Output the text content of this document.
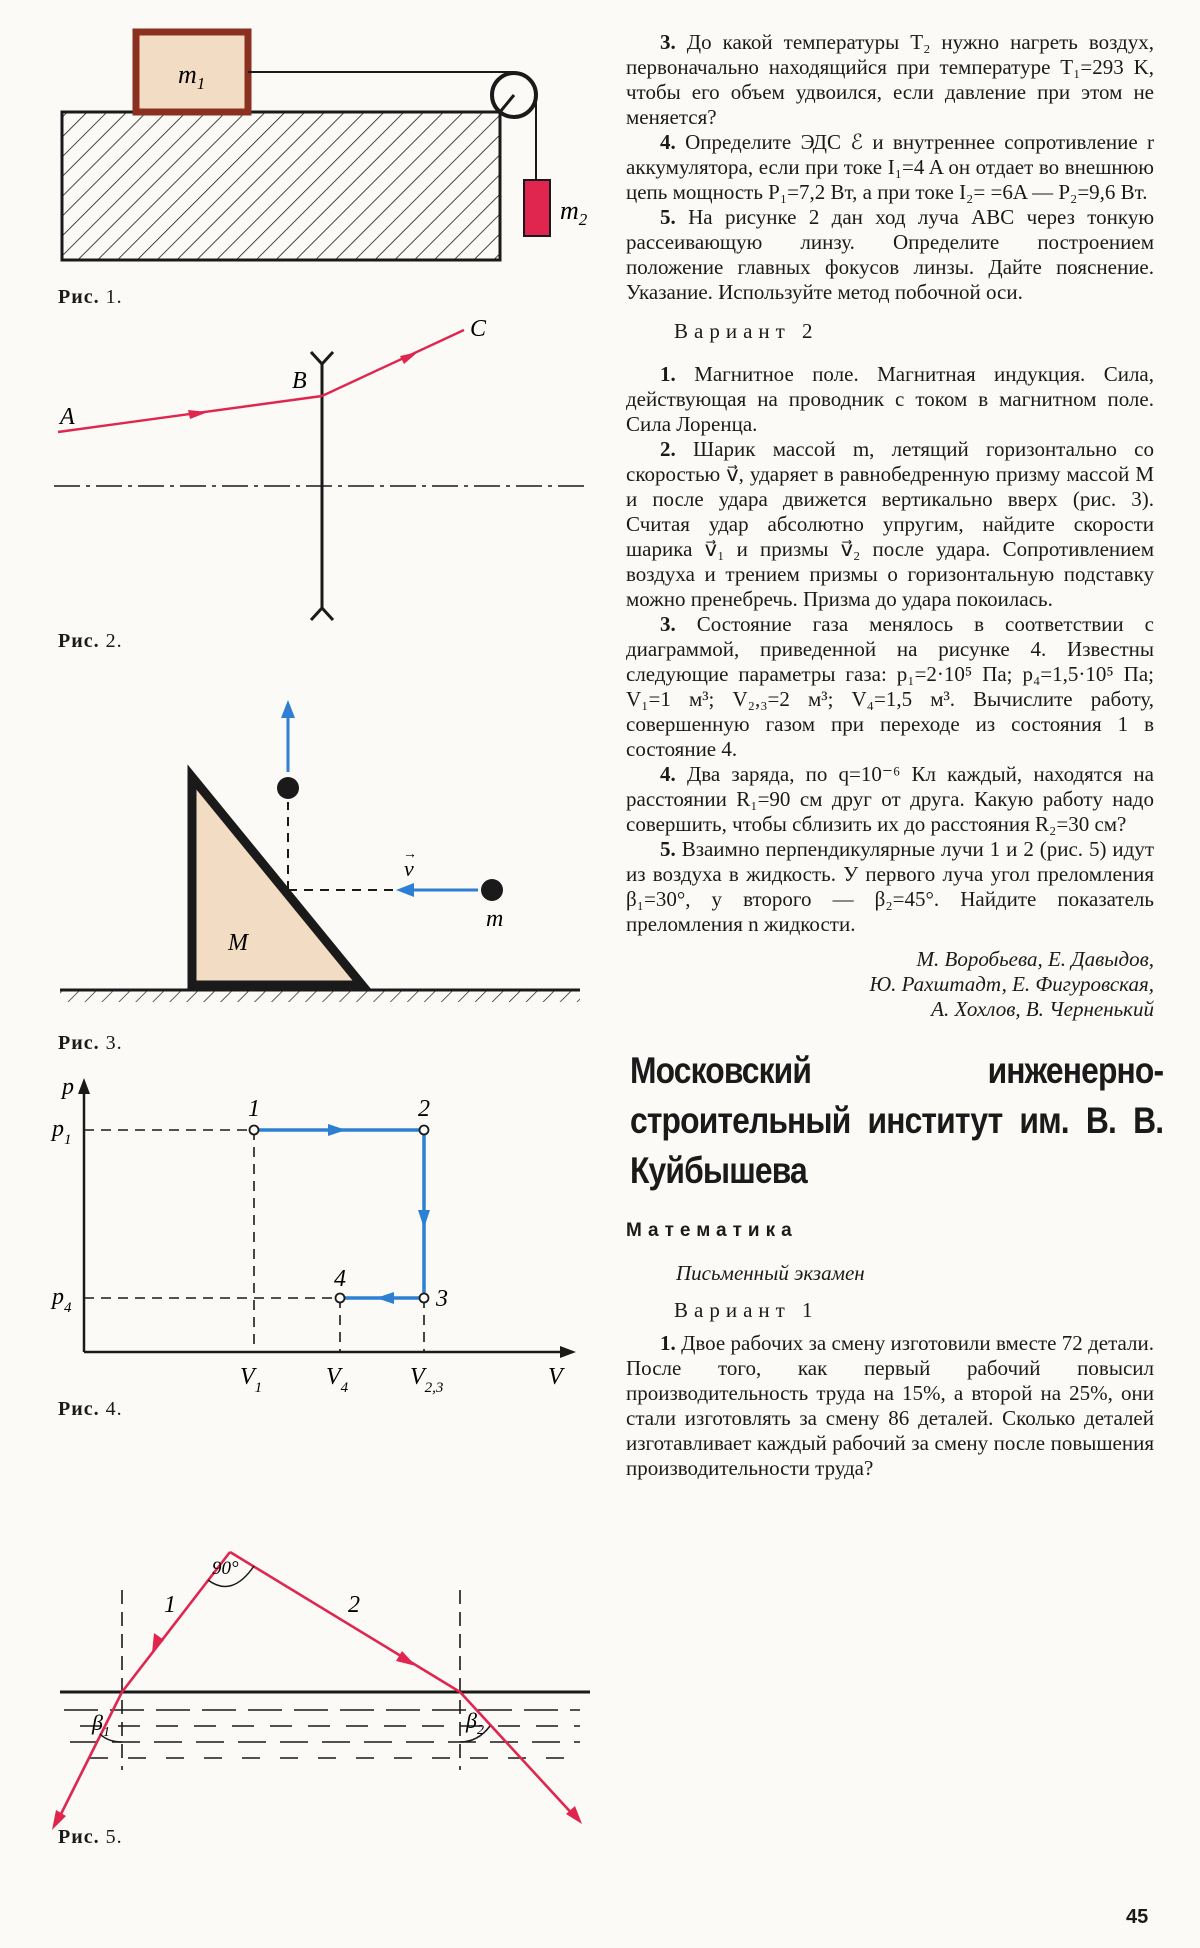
$m_1$
$m_2$
Рис. 1.
A
B
C
Рис. 2.
M
v
→
m
Рис. 3.
p
V
$p_1$
$p_4$
$V_1$	$V_4$	$V_{2,3}$
1	2
3
4
Рис. 4.
90°
1	2
$\beta_1$	$\beta_2$
Рис. 5.

3. До какой температуры T₂ нужно нагреть воздух, первоначально находящийся при температуре T₁=293 K, чтобы его объем удвоился, если давление при этом не меняется?

4. Определите ЭДС ℰ и внутреннее сопротивление r аккумулятора, если при токе I₁=4 A он отдает во внешнюю цепь мощность P₁=7,2 Вт, а при токе I₂= =6A — P₂=9,6 Вт.

5. На рисунке 2 дан ход луча ABC через тонкую рассеивающую линзу. Определите построением положение главных фокусов линзы. Дайте пояснение. Указание. Используйте метод побочной оси.

Вариант 2

1. Магнитное поле. Магнитная индукция. Сила, действующая на проводник с током в магнитном поле. Сила Лоренца.

2. Шарик массой m, летящий горизонтально со скоростью v⃗, ударяет в равнобедренную призму массой M и после удара движется вертикально вверх (рис. 3). Считая удар абсолютно упругим, найдите скорости шарика v⃗₁ и призмы v⃗₂ после удара. Сопротивлением воздуха и трением призмы о горизонтальную подставку можно пренебречь. Призма до удара покоилась.

3. Состояние газа менялось в соответствии с диаграммой, приведенной на рисунке 4. Известны следующие параметры газа: p₁=2·10⁵ Па; p₄=1,5·10⁵ Па; V₁=1 м³; V₂,₃=2 м³; V₄=1,5 м³. Вычислите работу, совершенную газом при переходе из состояния 1 в состояние 4.

4. Два заряда, по q=10⁻⁶ Кл каждый, находятся на расстоянии R₁=90 см друг от друга. Какую работу надо совершить, чтобы сблизить их до расстояния R₂=30 см?

5. Взаимно перпендикулярные лучи 1 и 2 (рис. 5) идут из воздуха в жидкость. У первого луча угол преломления β₁=30°, у второго — β₂=45°. Найдите показатель преломления n жидкости.

М. Воробьева, Е. Давыдов,
Ю. Рахштадт, Е. Фигуровская,
А. Хохлов, В. Черненький
Московский инженерно-строительный институт им. В. В. Куйбышева
Математика
Письменный экзамен

Вариант 1

1. Двое рабочих за смену изготовили вместе 72 детали. После того, как первый рабочий повысил производительность труда на 15%, а второй на 25%, они стали изготовлять за смену 86 деталей. Сколько деталей изготавливает каждый рабочий за смену после повышения производительности труда?

45
